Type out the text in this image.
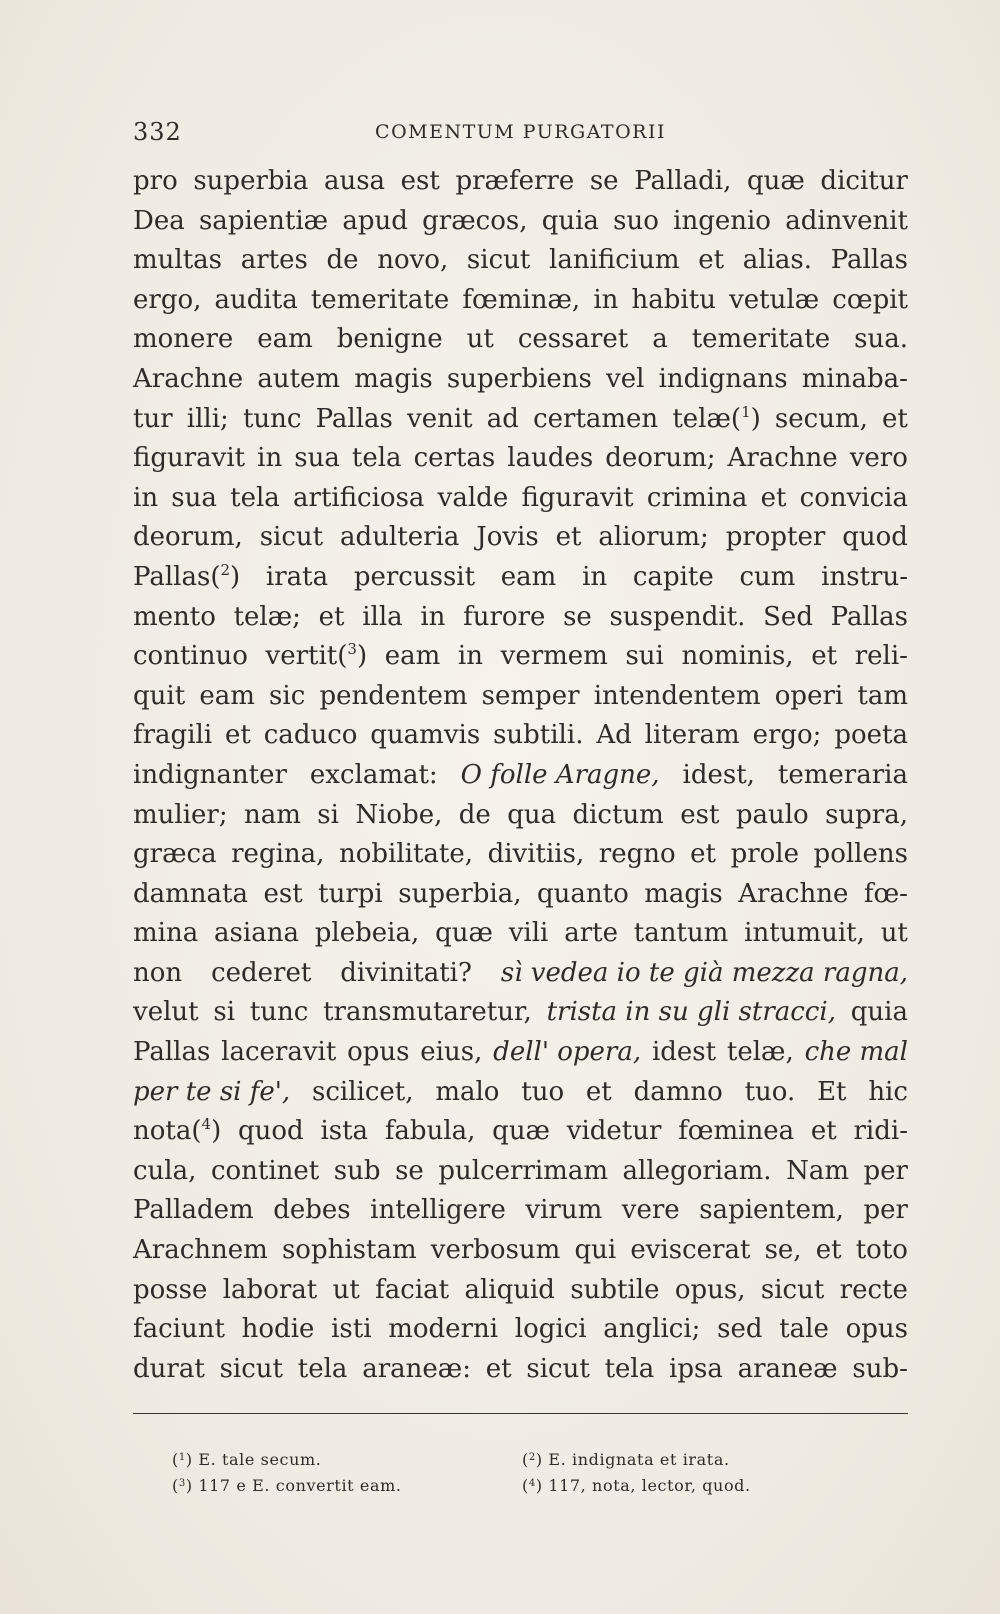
332	COMENTUM PURGATORII
pro superbia ausa est præferre se Palladi, quæ dicitur
Dea sapientiæ apud græcos, quia suo ingenio adinvenit
multas artes de novo, sicut lanificium et alias. Pallas
ergo, audita temeritate fœminæ, in habitu vetulæ cœpit
monere eam benigne ut cessaret a temeritate sua.
Arachne autem magis superbiens vel indignans minaba-
tur illi; tunc Pallas venit ad certamen telæ($^1$) secum, et
figuravit in sua tela certas laudes deorum; Arachne vero
in sua tela artificiosa valde figuravit crimina et convicia
deorum, sicut adulteria Jovis et aliorum; propter quod
Pallas($^2$) irata percussit eam in capite cum instru-
mento telæ; et illa in furore se suspendit. Sed Pallas
continuo vertit($^3$) eam in vermem sui nominis, et reli-
quit eam sic pendentem semper intendentem operi tam
fragili et caduco quamvis subtili. Ad literam ergo; poeta
indignanter exclamat: O folle Aragne, idest, temeraria
mulier; nam si Niobe, de qua dictum est paulo supra,
græca regina, nobilitate, divitiis, regno et prole pollens
damnata est turpi superbia, quanto magis Arachne fœ-
mina asiana plebeia, quæ vili arte tantum intumuit, ut
non cederet divinitati? sì vedea io te già mezza ragna,
velut si tunc transmutaretur, trista in su gli stracci, quia
Pallas laceravit opus eius, dell' opera, idest telæ, che mal
per te si fe', scilicet, malo tuo et damno tuo. Et hic
nota($^4$) quod ista fabula, quæ videtur fœminea et ridi-
cula, continet sub se pulcerrimam allegoriam. Nam per
Palladem debes intelligere virum vere sapientem, per
Arachnem sophistam verbosum qui eviscerat se, et toto
posse laborat ut faciat aliquid subtile opus, sicut recte
faciunt hodie isti moderni logici anglici; sed tale opus
durat sicut tela araneæ: et sicut tela ipsa araneæ sub-
($^1$) E. tale secum.	($^2$) E. indignata et irata.
($^3$) 117 e E. convertit eam.	($^4$) 117, nota, lector, quod.
